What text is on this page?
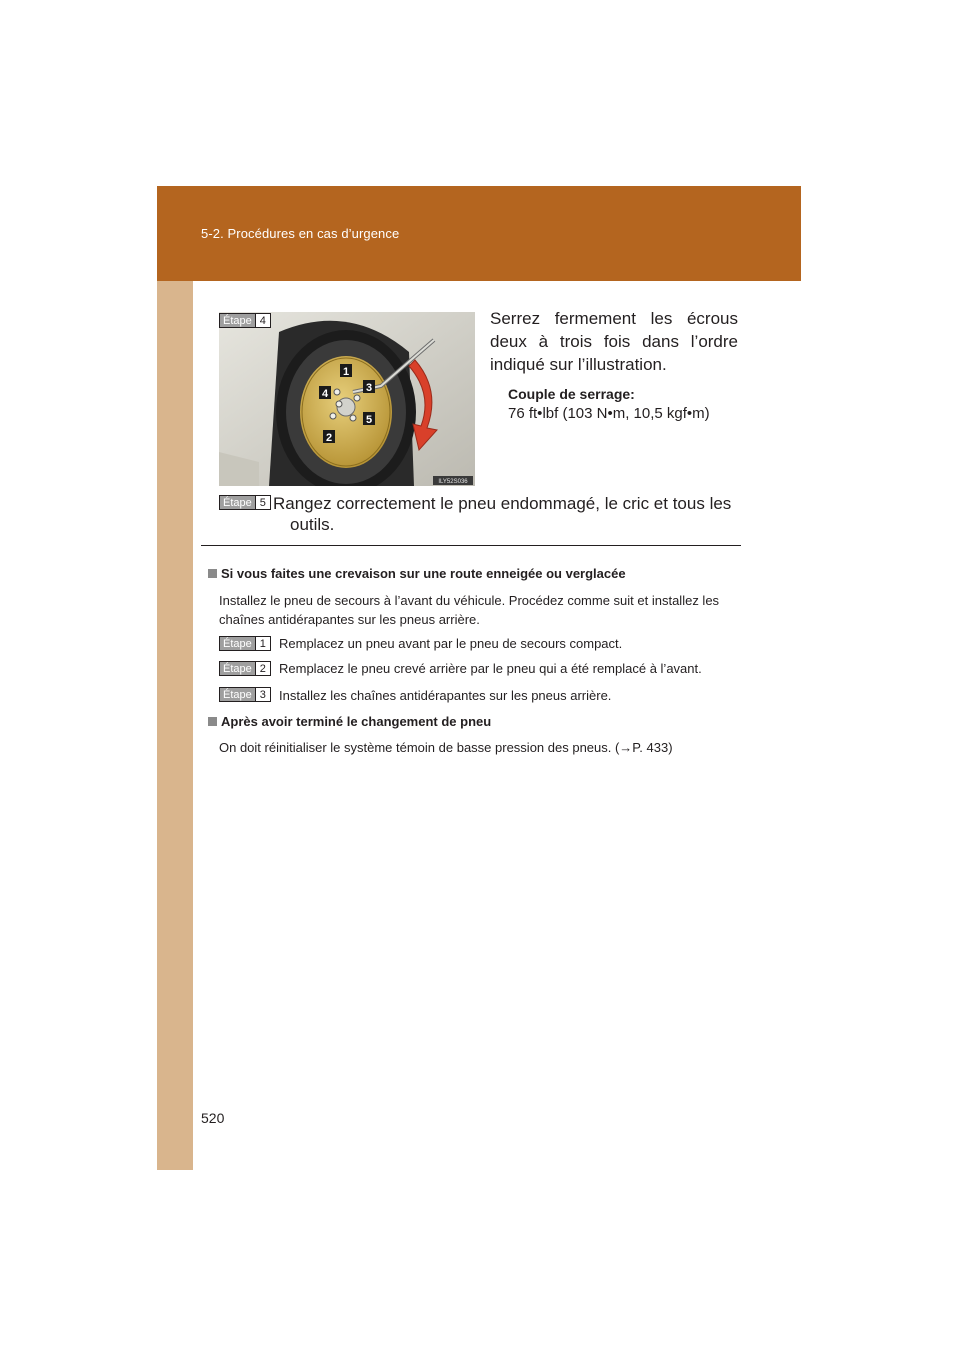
5-2. Procédures en cas d’urgence
1
3
4
5
2
ILY52S036
Étape 4	Serrez fermement les écrous deux à trois fois dans l’ordre indiqué sur l’illustration.
Couple de serrage:
76 ft•lbf (103 N•m, 10,5 kgf•m)
Étape 5 Rangez correctement le pneu endommagé, le cric et tous les
outils.
Si vous faites une crevaison sur une route enneigée ou verglacée
Installez le pneu de secours à l’avant du véhicule. Procédez comme suit et installez les chaînes antidérapantes sur les pneus arrière.
Étape 1	Remplacez un pneu avant par le pneu de secours compact.
Étape 2	Remplacez le pneu crevé arrière par le pneu qui a été remplacé à l’avant.
Étape 3	Installez les chaînes antidérapantes sur les pneus arrière.
Après avoir terminé le changement de pneu
On doit réinitialiser le système témoin de basse pression des pneus. (→P. 433)
520
